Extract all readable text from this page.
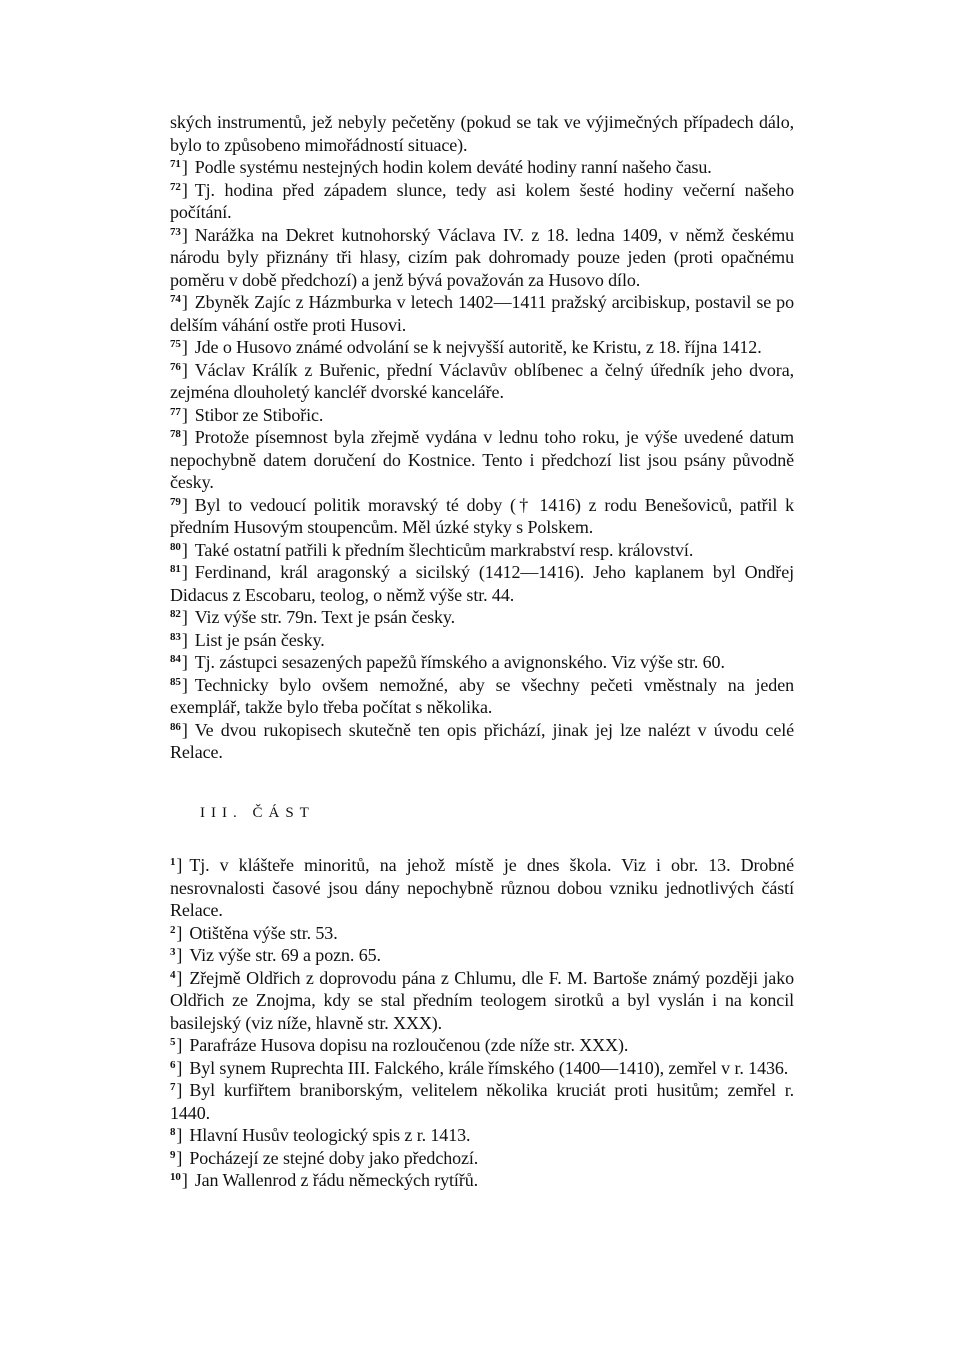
ských instrumentů, jež nebyly pečetěny (pokud se tak ve výjimečných případech dálo, bylo to způsobeno mimořádností situace).

$^{71}$] Podle systému nestejných hodin kolem deváté hodiny ranní našeho času.

$^{72}$] Tj. hodina před západem slunce, tedy asi kolem šesté hodiny večerní našeho počítání.

$^{73}$] Narážka na Dekret kutnohorský Václava IV. z 18. ledna 1409, v němž českému národu byly přiznány tři hlasy, cizím pak dohromady pouze jeden (proti opačnému poměru v době předchozí) a jenž bývá považován za Husovo dílo.

$^{74}$] Zbyněk Zajíc z Házmburka v letech 1402—1411 pražský arcibiskup, postavil se po delším váhání ostře proti Husovi.

$^{75}$] Jde o Husovo známé odvolání se k nejvyšší autoritě, ke Kristu, z 18. října 1412.

$^{76}$] Václav Králík z Buřenic, přední Václavův oblíbenec a čelný úředník jeho dvora, zejména dlouholetý kancléř dvorské kanceláře.

$^{77}$] Stibor ze Stibořic.

$^{78}$] Protože písemnost byla zřejmě vydána v lednu toho roku, je výše uvedené datum nepochybně datem doručení do Kostnice. Tento i předchozí list jsou psány původně česky.

$^{79}$] Byl to vedoucí politik moravský té doby († 1416) z rodu Benešoviců, patřil k předním Husovým stoupencům. Měl úzké styky s Polskem.

$^{80}$] Také ostatní patřili k předním šlechticům markrabství resp. království.

$^{81}$] Ferdinand, král aragonský a sicilský (1412—1416). Jeho kaplanem byl Ondřej Didacus z Escobaru, teolog, o němž výše str. 44.

$^{82}$] Viz výše str. 79n. Text je psán česky.

$^{83}$] List je psán česky.

$^{84}$] Tj. zástupci sesazených papežů římského a avignonského. Viz výše str. 60.

$^{85}$] Technicky bylo ovšem nemožné, aby se všechny pečeti vměstnaly na jeden exemplář, takže bylo třeba počítat s několika.

$^{86}$] Ve dvou rukopisech skutečně ten opis přichází, jinak jej lze nalézt v úvodu celé Relace.

III. ČÁST

$^1$] Tj. v klášteře minoritů, na jehož místě je dnes škola. Viz i obr. 13. Drobné nesrovnalosti časové jsou dány nepochybně různou dobou vzniku jednotlivých částí Relace.

$^2$] Otištěna výše str. 53.

$^3$] Viz výše str. 69 a pozn. 65.

$^4$] Zřejmě Oldřich z doprovodu pána z Chlumu, dle F. M. Bartoše známý později jako Oldřich ze Znojma, kdy se stal předním teologem sirotků a byl vyslán i na koncil basilejský (viz níže, hlavně str. XXX).

$^5$] Parafráze Husova dopisu na rozloučenou (zde níže str. XXX).

$^6$] Byl synem Ruprechta III. Falckého, krále římského (1400—1410), zemřel v r. 1436.

$^7$] Byl kurfiřtem braniborským, velitelem několika kruciát proti husitům; zemřel r. 1440.

$^8$] Hlavní Husův teologický spis z r. 1413.

$^9$] Pocházejí ze stejné doby jako předchozí.

$^{10}$] Jan Wallenrod z řádu německých rytířů.
